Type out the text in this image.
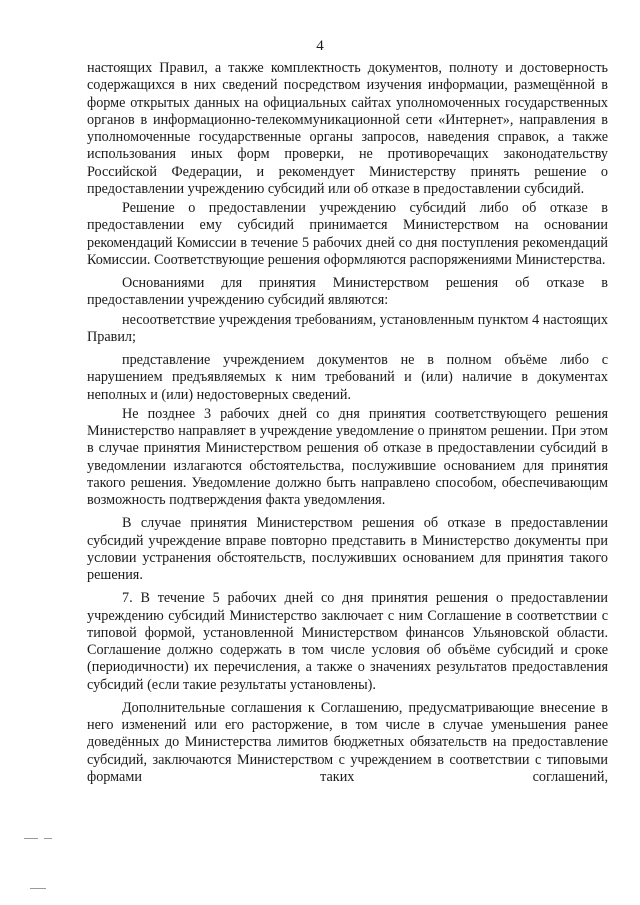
4

настоящих Правил, а также комплектность документов, полноту и достоверность содержащихся в них сведений посредством изучения информации, размещённой в форме открытых данных на официальных сайтах уполномоченных государственных органов в информационно-телекоммуникационной сети «Интернет», направления в уполномоченные государственные органы запросов, наведения справок, а также использования иных форм проверки, не противоречащих законодательству Российской Федерации, и рекомендует Министерству принять решение о предоставлении учреждению субсидий или об отказе в предоставлении субсидий.

Решение о предоставлении учреждению субсидий либо об отказе в предоставлении ему субсидий принимается Министерством на основании рекомендаций Комиссии в течение 5 рабочих дней со дня поступления рекомендаций Комиссии. Соответствующие решения оформляются распоряжениями Министерства.

Основаниями для принятия Министерством решения об отказе в предоставлении учреждению субсидий являются:

несоответствие учреждения требованиям, установленным пунктом 4 настоящих Правил;

представление учреждением документов не в полном объёме либо с нарушением предъявляемых к ним требований и (или) наличие в документах неполных и (или) недостоверных сведений.

Не позднее 3 рабочих дней со дня принятия соответствующего решения Министерство направляет в учреждение уведомление о принятом решении. При этом в случае принятия Министерством решения об отказе в предоставлении субсидий в уведомлении излагаются обстоятельства, послужившие основанием для принятия такого решения. Уведомление должно быть направлено способом, обеспечивающим возможность подтверждения факта уведомления.

В случае принятия Министерством решения об отказе в предоставлении субсидий учреждение вправе повторно представить в Министерство документы при условии устранения обстоятельств, послуживших основанием для принятия такого решения.

7. В течение 5 рабочих дней со дня принятия решения о предоставлении учреждению субсидий Министерство заключает с ним Соглашение в соответствии с типовой формой, установленной Министерством финансов Ульяновской области. Соглашение должно содержать в том числе условия об объёме субсидий и сроке (периодичности) их перечисления, а также о значениях результатов предоставления субсидий (если такие результаты установлены).

Дополнительные соглашения к Соглашению, предусматривающие внесение в него изменений или его расторжение, в том числе в случае уменьшения ранее доведённых до Министерства лимитов бюджетных обязательств на предоставление субсидий, заключаются Министерством с учреждением в соответствии с типовыми формами таких соглашений,
